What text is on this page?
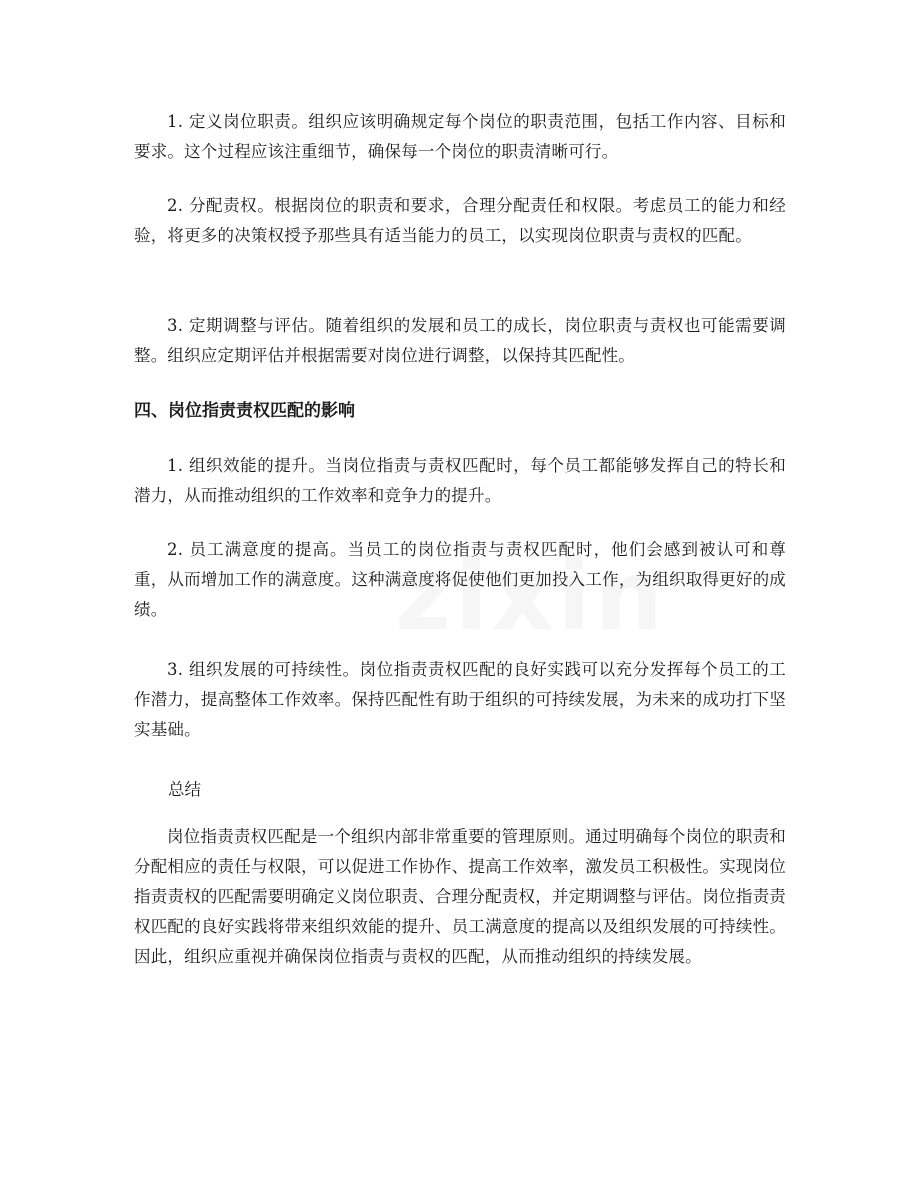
1. 定义岗位职责。组织应该明确规定每个岗位的职责范围，包括工作内容、目标和要求。这个过程应该注重细节，确保每一个岗位的职责清晰可行。

2. 分配责权。根据岗位的职责和要求，合理分配责任和权限。考虑员工的能力和经验，将更多的决策权授予那些具有适当能力的员工，以实现岗位职责与责权的匹配。

3. 定期调整与评估。随着组织的发展和员工的成长，岗位职责与责权也可能需要调整。组织应定期评估并根据需要对岗位进行调整，以保持其匹配性。

四、岗位指责责权匹配的影响

1. 组织效能的提升。当岗位指责与责权匹配时，每个员工都能够发挥自己的特长和潜力，从而推动组织的工作效率和竞争力的提升。

2. 员工满意度的提高。当员工的岗位指责与责权匹配时，他们会感到被认可和尊重，从而增加工作的满意度。这种满意度将促使他们更加投入工作，为组织取得更好的成绩。

3. 组织发展的可持续性。岗位指责责权匹配的良好实践可以充分发挥每个员工的工作潜力，提高整体工作效率。保持匹配性有助于组织的可持续发展，为未来的成功打下坚实基础。

总结

岗位指责责权匹配是一个组织内部非常重要的管理原则。通过明确每个岗位的职责和分配相应的责任与权限，可以促进工作协作、提高工作效率，激发员工积极性。实现岗位指责责权的匹配需要明确定义岗位职责、合理分配责权，并定期调整与评估。岗位指责责权匹配的良好实践将带来组织效能的提升、员工满意度的提高以及组织发展的可持续性。因此，组织应重视并确保岗位指责与责权的匹配，从而推动组织的持续发展。
